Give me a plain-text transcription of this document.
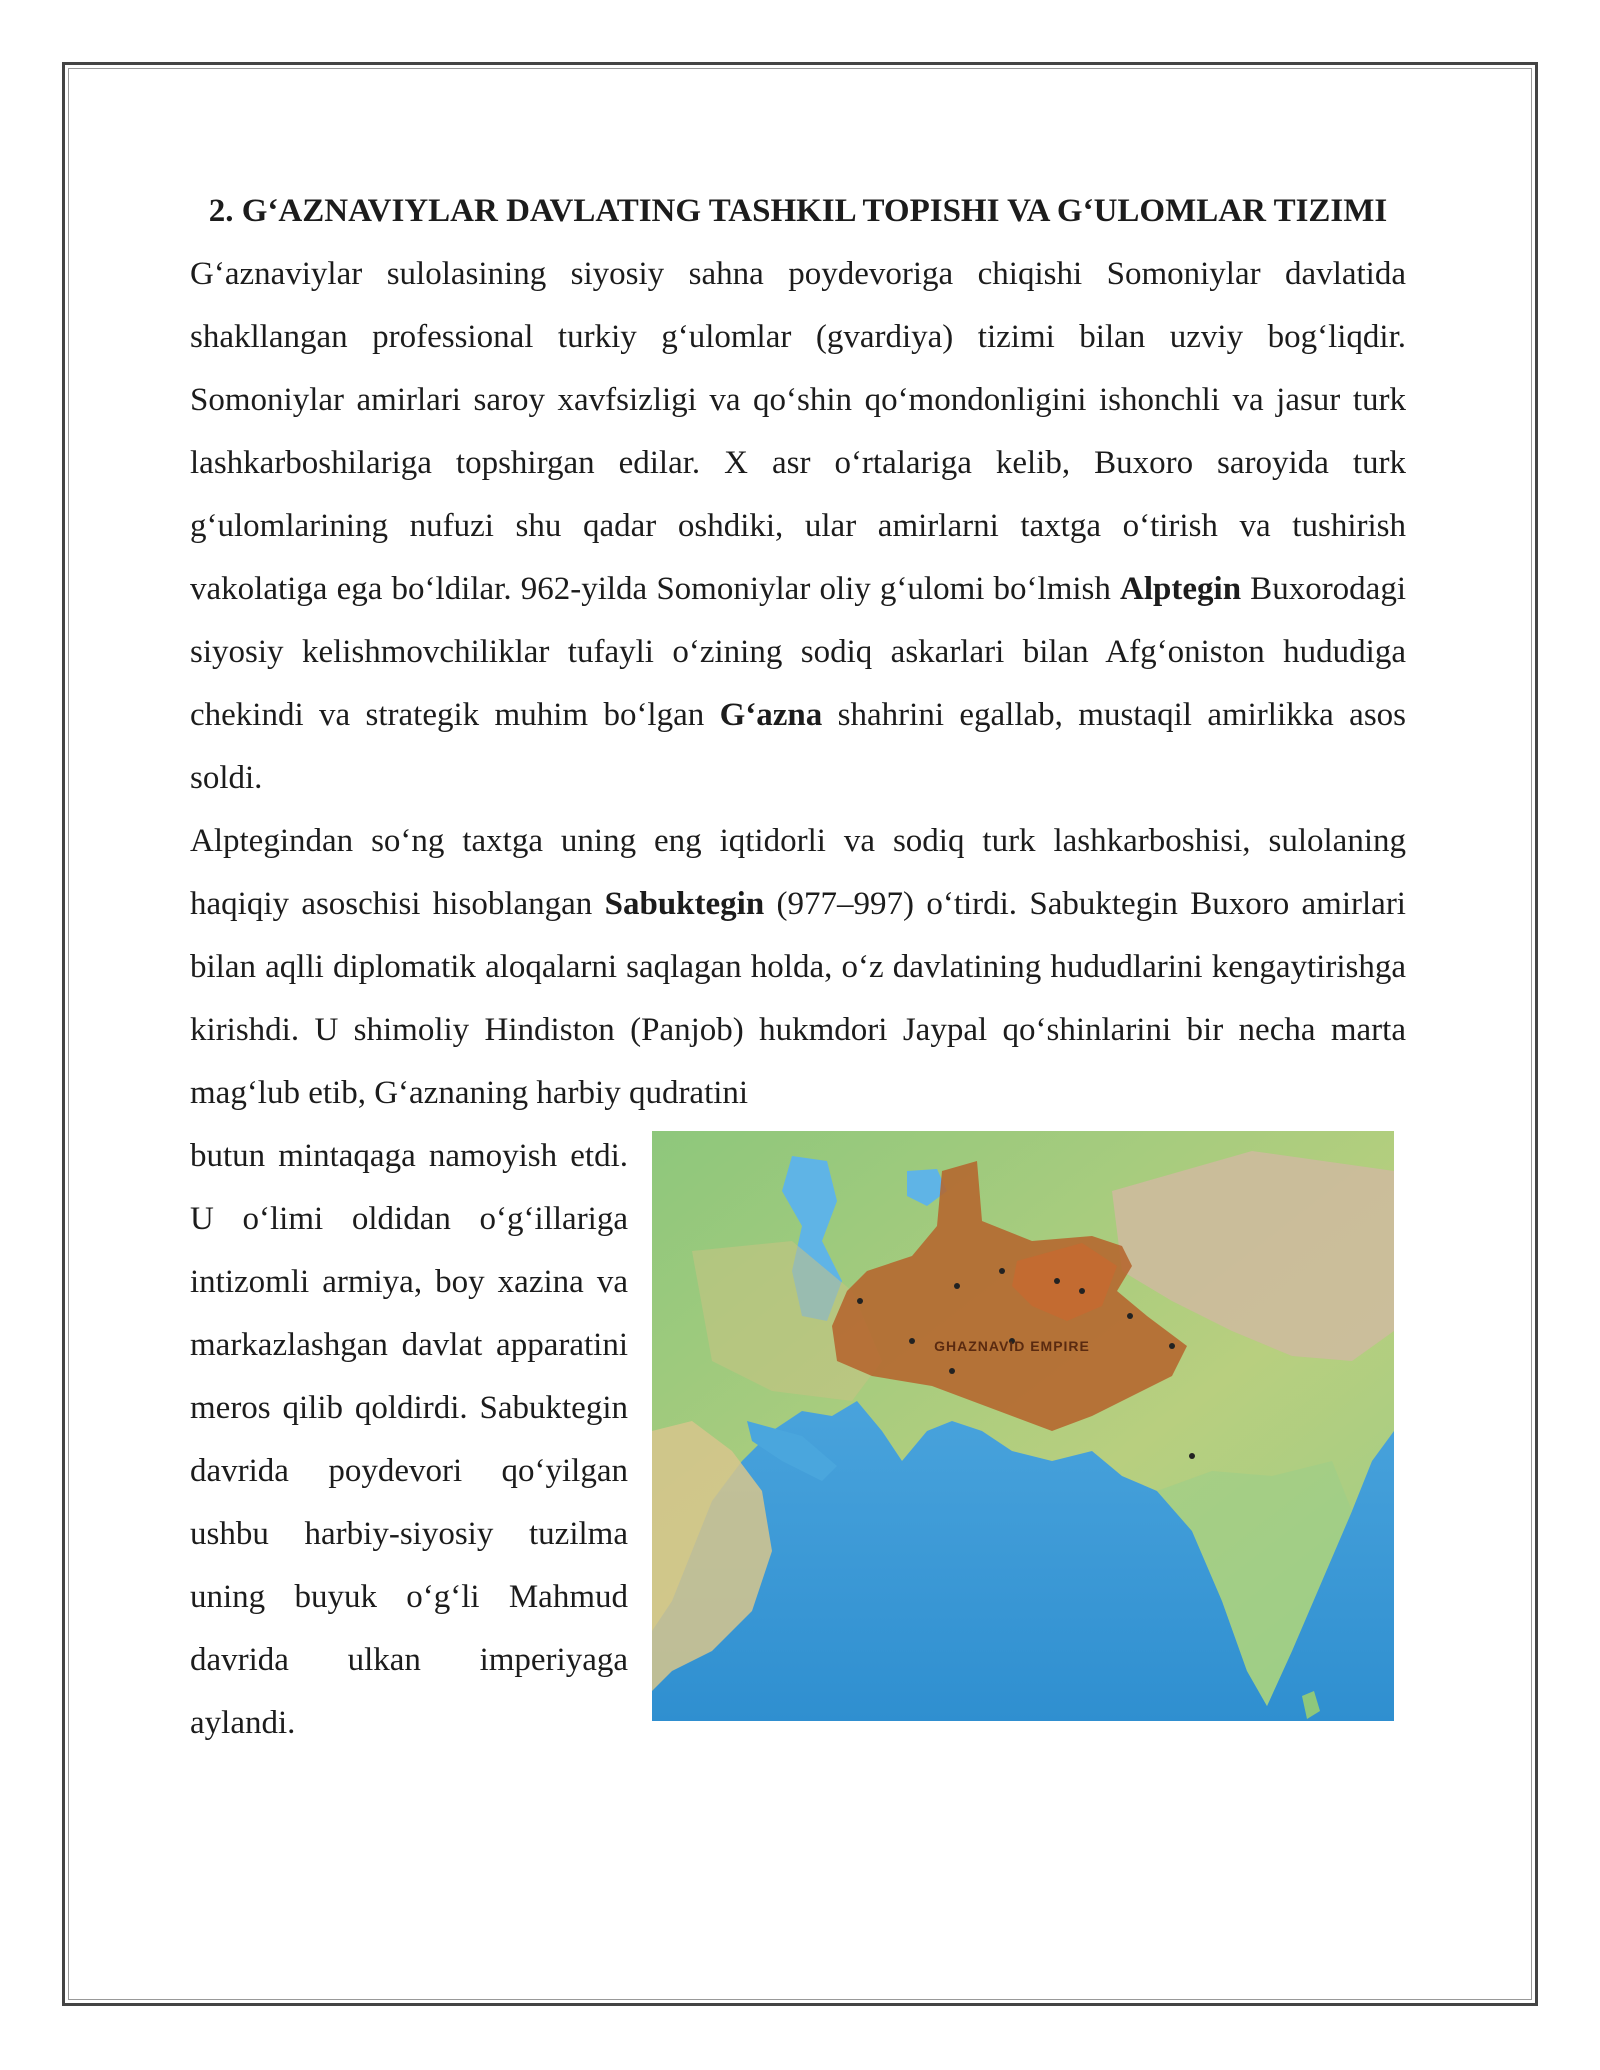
2. G‘AZNAVIYLAR DAVLATING TASHKIL TOPISHI VA G‘ULOMLAR TIZIMI

G‘aznaviylar sulolasining siyosiy sahna poydevoriga chiqishi Somoniylar davlatida shakllangan professional turkiy g‘ulomlar (gvardiya) tizimi bilan uzviy bog‘liqdir. Somoniylar amirlari saroy xavfsizligi va qo‘shin qo‘mondonligini ishonchli va jasur turk lashkarboshilariga topshirgan edilar. X asr o‘rtalariga kelib, Buxoro saroyida turk g‘ulomlarining nufuzi shu qadar oshdiki, ular amirlarni taxtga o‘tirish va tushirish vakolatiga ega bo‘ldilar. 962-yilda Somoniylar oliy g‘ulomi bo‘lmish Alptegin Buxorodagi siyosiy kelishmovchiliklar tufayli o‘zining sodiq askarlari bilan Afg‘oniston hududiga chekindi va strategik muhim bo‘lgan G‘azna shahrini egallab, mustaqil amirlikka asos soldi.

Alptegindan so‘ng taxtga uning eng iqtidorli va sodiq turk lashkarboshisi, sulolaning haqiqiy asoschisi hisoblangan Sabuktegin (977–997) o‘tirdi. Sabuktegin Buxoro amirlari bilan aqlli diplomatik aloqalarni saqlagan holda, o‘z davlatining hududlarini kengaytirishga kirishdi. U shimoliy Hindiston (Panjob) hukmdori Jaypal qo‘shinlarini bir necha marta mag‘lub etib, G‘aznaning harbiy qudratini

butun mintaqaga namoyish etdi. U o‘limi oldidan o‘g‘illariga intizomli armiya, boy xazina va markazlashgan davlat apparatini meros qilib qoldirdi. Sabuktegin davrida poydevori qo‘yilgan ushbu harbiy-siyosiy tuzilma uning buyuk o‘g‘li Mahmud davrida ulkan imperiyaga aylandi.

GHAZNAVID EMPIRE
